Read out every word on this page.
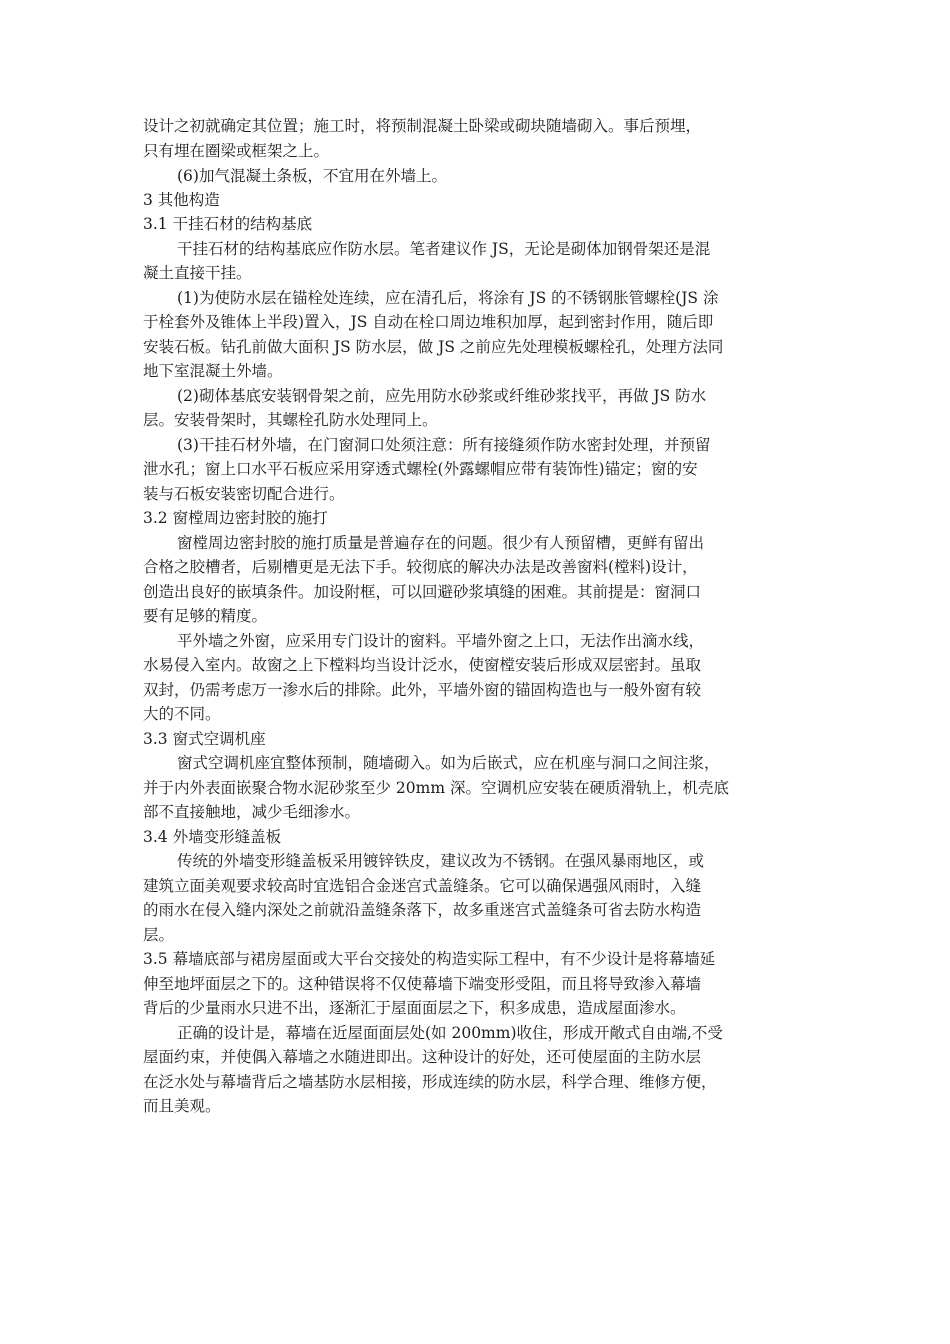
设计之初就确定其位置；施工时，将预制混凝土卧梁或砌块随墙砌入。事后预埋，
只有埋在圈梁或框架之上。
(6)加气混凝土条板，不宜用在外墙上。
3 其他构造
3.1 干挂石材的结构基底
干挂石材的结构基底应作防水层。笔者建议作 JS，无论是砌体加钢骨架还是混
凝土直接干挂。
(1)为使防水层在锚栓处连续，应在清孔后，将涂有 JS 的不锈钢胀管螺栓(JS 涂
于栓套外及锥体上半段)置入，JS 自动在栓口周边堆积加厚，起到密封作用，随后即
安装石板。钻孔前做大面积 JS 防水层，做 JS 之前应先处理模板螺栓孔，处理方法同
地下室混凝土外墙。
(2)砌体基底安装钢骨架之前，应先用防水砂浆或纤维砂浆找平，再做 JS 防水
层。安装骨架时，其螺栓孔防水处理同上。
(3)干挂石材外墙，在门窗洞口处须注意：所有接缝须作防水密封处理，并预留
泄水孔；窗上口水平石板应采用穿透式螺栓(外露螺帽应带有装饰性)锚定；窗的安
装与石板安装密切配合进行。
3.2 窗樘周边密封胶的施打
窗樘周边密封胶的施打质量是普遍存在的问题。很少有人预留槽，更鲜有留出
合格之胶槽者，后剔槽更是无法下手。较彻底的解决办法是改善窗料(樘料)设计，
创造出良好的嵌填条件。加设附框，可以回避砂浆填缝的困难。其前提是：窗洞口
要有足够的精度。
平外墙之外窗，应采用专门设计的窗料。平墙外窗之上口，无法作出滴水线，
水易侵入室内。故窗之上下樘料均当设计泛水，使窗樘安装后形成双层密封。虽取
双封，仍需考虑万一渗水后的排除。此外，平墙外窗的锚固构造也与一般外窗有较
大的不同。
3.3 窗式空调机座
窗式空调机座宜整体预制，随墙砌入。如为后嵌式，应在机座与洞口之间注浆，
并于内外表面嵌聚合物水泥砂浆至少 20mm 深。空调机应安装在硬质滑轨上，机壳底
部不直接触地，减少毛细渗水。
3.4 外墙变形缝盖板
传统的外墙变形缝盖板采用镀锌铁皮，建议改为不锈钢。在强风暴雨地区，或
建筑立面美观要求较高时宜选铝合金迷宫式盖缝条。它可以确保遇强风雨时，入缝
的雨水在侵入缝内深处之前就沿盖缝条落下，故多重迷宫式盖缝条可省去防水构造
层。
3.5 幕墙底部与裙房屋面或大平台交接处的构造实际工程中，有不少设计是将幕墙延
伸至地坪面层之下的。这种错误将不仅使幕墙下端变形受阻，而且将导致渗入幕墙
背后的少量雨水只进不出，逐渐汇于屋面面层之下，积多成患，造成屋面渗水。
正确的设计是，幕墙在近屋面面层处(如 200mm)收住，形成开敞式自由端,不受
屋面约束，并使偶入幕墙之水随进即出。这种设计的好处，还可使屋面的主防水层
在泛水处与幕墙背后之墙基防水层相接，形成连续的防水层，科学合理、维修方便，
而且美观。
